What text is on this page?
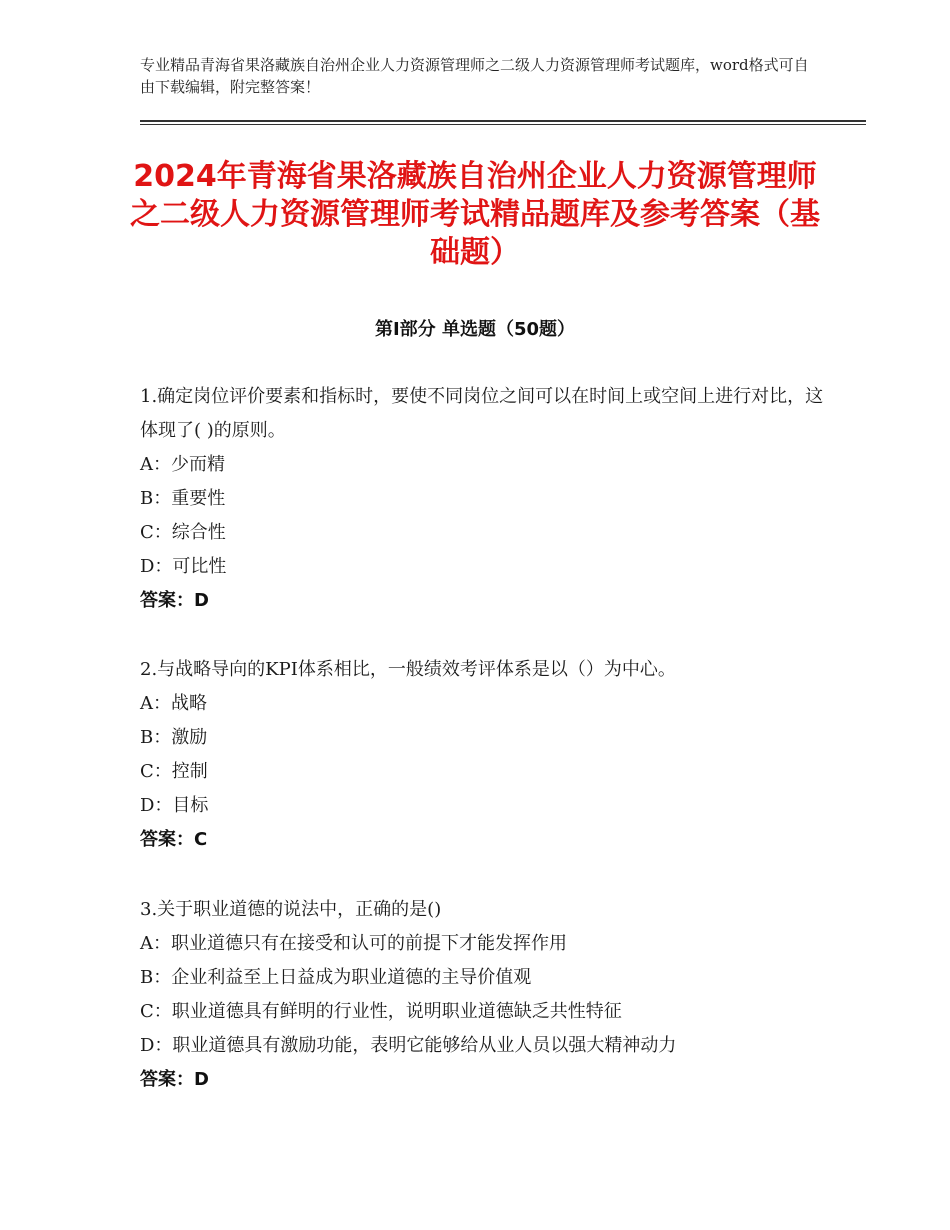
专业精品青海省果洛藏族自治州企业人力资源管理师之二级人力资源管理师考试题库，word格式可自由下载编辑，附完整答案！
2024年青海省果洛藏族自治州企业人力资源管理师之二级人力资源管理师考试精品题库及参考答案（基础题）
第Ⅰ部分 单选题（50题）
1.确定岗位评价要素和指标时，要使不同岗位之间可以在时间上或空间上进行对比，这体现了( )的原则。
A：少而精
B：重要性
C：综合性
D：可比性
答案：D
2.与战略导向的KPI体系相比，一般绩效考评体系是以（）为中心。
A：战略
B：激励
C：控制
D：目标
答案：C
3.关于职业道德的说法中，正确的是()
A：职业道德只有在接受和认可的前提下才能发挥作用
B：企业利益至上日益成为职业道德的主导价值观
C：职业道德具有鲜明的行业性，说明职业道德缺乏共性特征
D：职业道德具有激励功能，表明它能够给从业人员以强大精神动力
答案：D
